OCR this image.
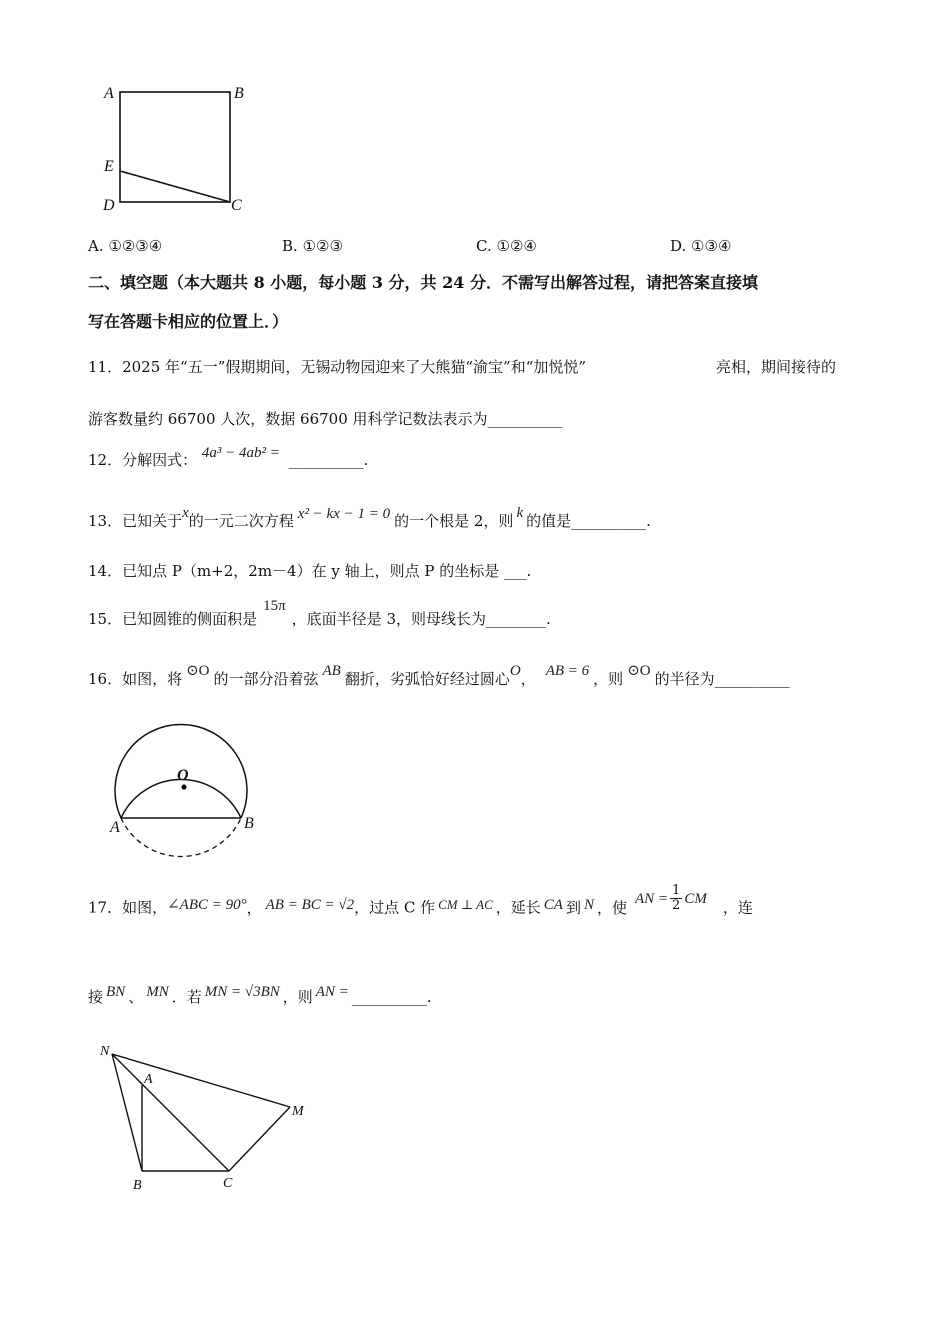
A	B
E
D	C
A. ①②③④	B. ①②③	C. ①②④	D. ①③④
二、填空题（本大题共 8 小题，每小题 3 分，共 24 分．不需写出解答过程，请把答案直接填
写在答题卡相应的位置上．）
11．2025 年“五一”假期期间，无锡动物园迎来了大熊猫“渝宝”和“加悦悦”	亮相，期间接待的
游客数量约 66700 人次，数据 66700 用科学记数法表示为__________
12．分解因式： 4a³ − 4ab² = __________.
13．已知关于x的一元二次方程 x² − kx − 1 = 0 的一个根是 2，则 k 的值是__________.
14．已知点 P（m+2，2m－4）在 y 轴上，则点 P 的坐标是 ___.
15．已知圆锥的侧面积是15π，底面半径是 3，则母线长为________.
16．如图，将 ⊙O 的一部分沿着弦 AB 翻折，劣弧恰好经过圆心O， AB = 6 ，则 ⊙O 的半径为__________
O
A	B
17．如图，∠ABC = 90°， AB = BC = √2，过点 C 作 CM ⊥ AC ，延长 CA 到 N ，使 AN = $\frac{1}{2}$ CM ，连
接 BN 、 MN ．若 MN = √3BN ，则 AN = __________.
N
A
M
B	C
